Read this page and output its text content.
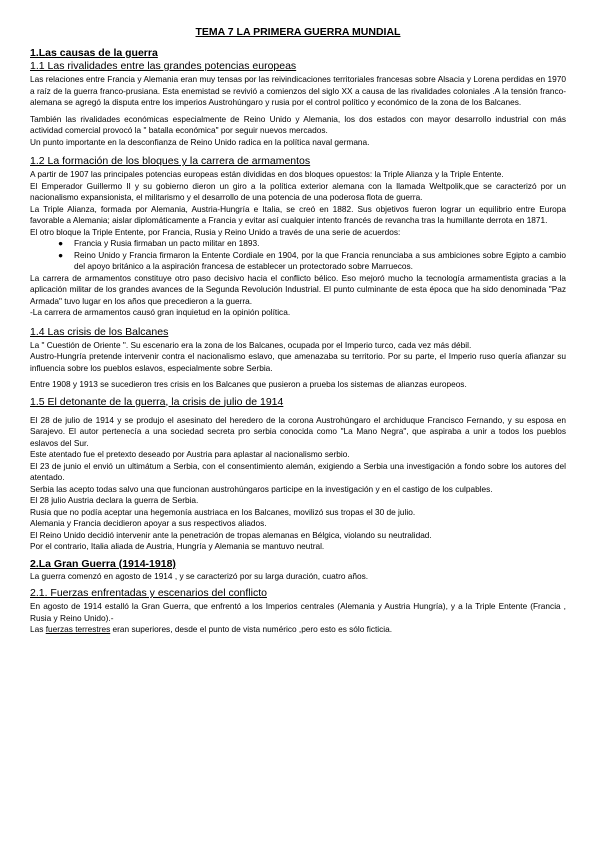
TEMA 7 LA PRIMERA GUERRA MUNDIAL
1.Las causas de la guerra
1.1 Las rivalidades entre las grandes potencias europeas

Las relaciones entre Francia y Alemania eran muy tensas por las reivindicaciones territoriales francesas sobre Alsacia y Lorena perdidas en 1970 a raíz de la guerra franco-prusiana. Esta enemistad se revivió a comienzos del siglo XX a causa de las rivalidades coloniales .A la tensión franco-alemana se agregó la disputa entre los imperios Austrohúngaro y rusia por el control político y económico de la zona de los Balcanes.

También las rivalidades económicas especialmente de Reino Unido y Alemania, los dos estados con mayor desarrollo industrial con más actividad comercial provocó la " batalla económica" por seguir nuevos mercados.

Un punto importante en la desconfianza de Reino Unido radica en la política naval germana.

1.2 La formación de los bloques y la carrera de armamentos

A partir de 1907 las principales potencias europeas están divididas en dos bloques opuestos: la Triple Alianza y la Triple Entente.

El Emperador Guillermo II y su gobierno dieron un giro a la política exterior alemana con la llamada Weltpolik,que se caracterizó por un nacionalismo expansionista, el militarismo y el desarrollo de una potencia de una poderosa flota de guerra.

La Triple Alianza, formada por Alemania, Austria-Hungría e Italia, se creó en 1882. Sus objetivos fueron lograr un equilibrio entre Europa favorable a Alemania; aislar diplomáticamente a Francia y evitar así cualquier intento francés de revancha tras la humillante derrota en 1871.

El otro bloque la Triple Entente, por Francia, Rusia y Reino Unido a través de una serie de acuerdos:

● Francia y Rusia firmaban un pacto militar en 1893.
● Reino Unido y Francia firmaron la Entente Cordiale en 1904, por la que Francia renunciaba a sus ambiciones sobre Egipto a cambio del apoyo británico a la aspiración francesa de establecer un protectorado sobre Marruecos.

La carrera de armamentos constituye otro paso decisivo hacia el conflicto bélico. Eso mejoró mucho la tecnología armamentista gracias a la aplicación militar de los grandes avances de la Segunda Revolución Industrial. El punto culminante de esta época que ha sido denominada "Paz Armada" tuvo lugar en los años que precedieron a la guerra.

-La carrera de armamentos causó gran inquietud en la opinión política.

1.4 Las crisis de los Balcanes

La " Cuestión de Oriente ". Su escenario era la zona de los Balcanes, ocupada por el Imperio turco, cada vez más débil.

Austro-Hungría pretende intervenir contra el nacionalismo eslavo, que amenazaba su territorio. Por su parte, el Imperio ruso quería afianzar su influencia sobre los pueblos eslavos, especialmente sobre Serbia.

Entre 1908 y 1913 se sucedieron tres crisis en los Balcanes que pusieron a prueba los sistemas de alianzas europeos.

1.5 El detonante de la guerra, la crisis de julio de 1914

El 28 de julio de 1914 y se produjo el asesinato del heredero de la corona Austrohúngaro el archiduque Francisco Fernando, y su esposa en Sarajevo. El autor pertenecía a una sociedad secreta pro serbia conocida como "La Mano Negra", que aspiraba a unir a todos los pueblos eslavos del Sur.

Este atentado fue el pretexto deseado por Austria para aplastar al nacionalismo serbio.

El 23 de junio el envió un ultimátum a Serbia, con el consentimiento alemán, exigiendo a Serbia una investigación a fondo sobre los autores del atentado.

Serbia las acepto todas salvo una que funcionan austrohúngaros participe en la investigación y en el castigo de los culpables.

El 28 julio Austria declara la guerra de Serbia.

Rusia que no podía aceptar una hegemonía austriaca en los Balcanes, movilizó sus tropas el 30 de julio.

Alemania y Francia decidieron apoyar a sus respectivos aliados.

El Reino Unido decidió intervenir ante la penetración de tropas alemanas en Bélgica, violando su neutralidad.

Por el contrario, Italia aliada de Austria, Hungría y Alemania se mantuvo neutral.

2.La Gran Guerra (1914-1918)

La guerra comenzó en agosto de 1914 , y se caracterizó por su larga duración, cuatro años.

2.1. Fuerzas enfrentadas y escenarios del conflicto

En agosto de 1914 estalló la Gran Guerra, que enfrentó a los Imperios centrales (Alemania y Austria Hungría), y a la Triple Entente (Francia , Rusia y Reino Unido).-

Las fuerzas terrestres eran superiores, desde el punto de vista numérico ,pero esto es sólo ficticia.
